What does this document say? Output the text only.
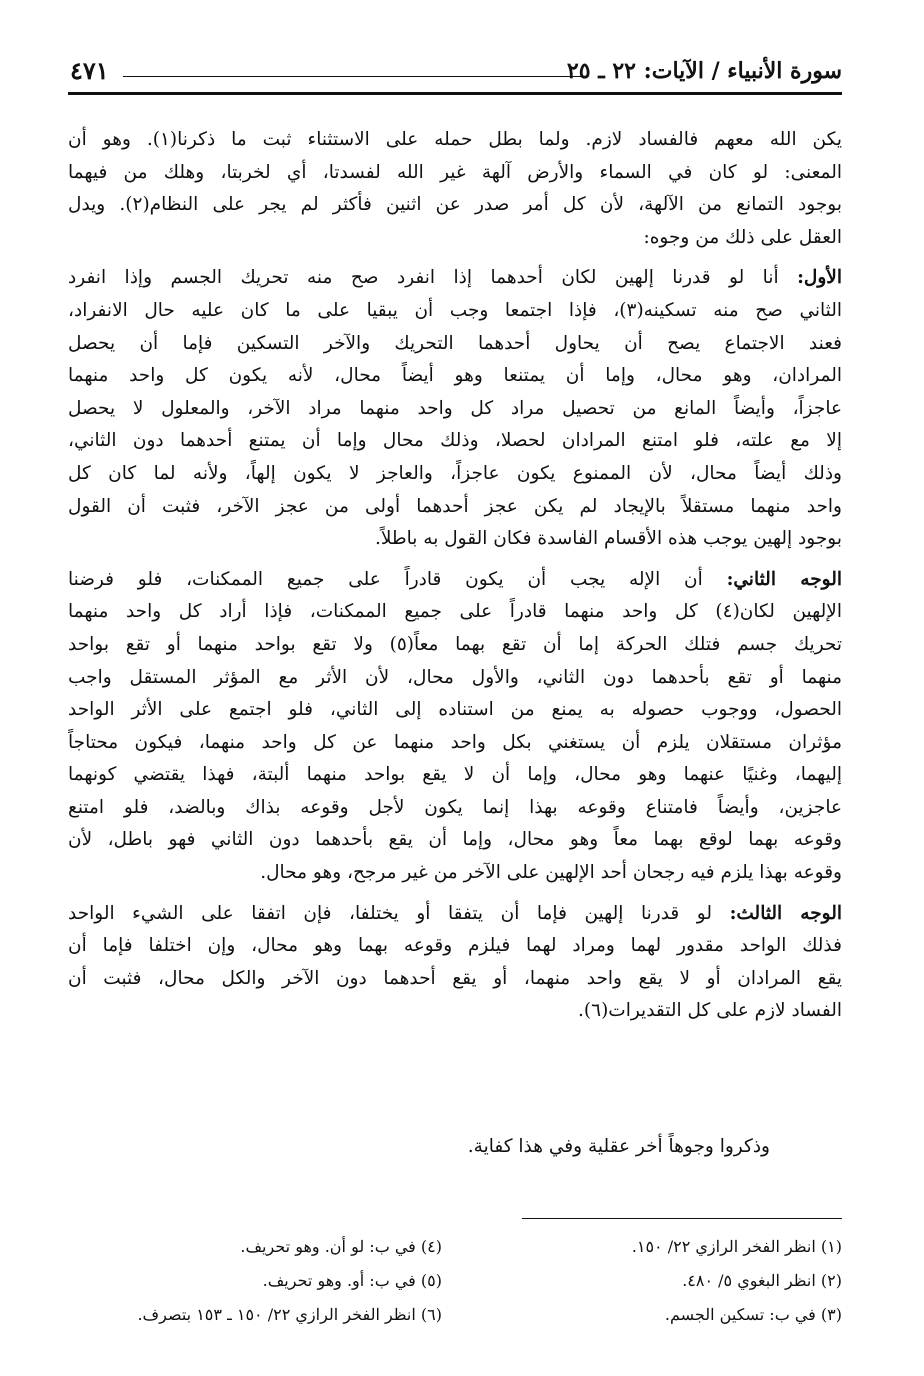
سورة الأنبياء / الآيات: ٢٢ ـ ٢٥
٤٧١
يكن الله معهم فالفساد لازم. ولما بطل حمله على الاستثناء ثبت ما ذكرنا(١). وهو أن
المعنى: لو كان في السماء والأرض آلهة غير الله لفسدتا، أي لخربتا، وهلك من فيهما
بوجود التمانع من الآلهة، لأن كل أمر صدر عن اثنين فأكثر لم يجر على النظام(٢). ويدل
العقل على ذلك من وجوه:
الأول: أنا لو قدرنا إلهين لكان أحدهما إذا انفرد صح منه تحريك الجسم وإذا انفرد
الثاني صح منه تسكينه(٣)، فإذا اجتمعا وجب أن يبقيا على ما كان عليه حال الانفراد،
فعند الاجتماع يصح أن يحاول أحدهما التحريك والآخر التسكين فإما أن يحصل
المرادان، وهو محال، وإما أن يمتنعا وهو أيضاً محال، لأنه يكون كل واحد منهما
عاجزاً، وأيضاً المانع من تحصيل مراد كل واحد منهما مراد الآخر، والمعلول لا يحصل
إلا مع علته، فلو امتنع المرادان لحصلا، وذلك محال وإما أن يمتنع أحدهما دون الثاني،
وذلك أيضاً محال، لأن الممنوع يكون عاجزاً، والعاجز لا يكون إلهاً، ولأنه لما كان كل
واحد منهما مستقلاً بالإيجاد لم يكن عجز أحدهما أولى من عجز الآخر، فثبت أن القول
بوجود إلهين يوجب هذه الأقسام الفاسدة فكان القول به باطلاً.
الوجه الثاني: أن الإله يجب أن يكون قادراً على جميع الممكنات، فلو فرضنا
الإلهين لكان(٤) كل واحد منهما قادراً على جميع الممكنات، فإذا أراد كل واحد منهما
تحريك جسم فتلك الحركة إما أن تقع بهما معاً(٥) ولا تقع بواحد منهما أو تقع بواحد
منهما أو تقع بأحدهما دون الثاني، والأول محال، لأن الأثر مع المؤثر المستقل واجب
الحصول، ووجوب حصوله به يمنع من استناده إلى الثاني، فلو اجتمع على الأثر الواحد
مؤثران مستقلان يلزم أن يستغني بكل واحد منهما عن كل واحد منهما، فيكون محتاجاً
إليهما، وغنيًا عنهما وهو محال، وإما أن لا يقع بواحد منهما ألبتة، فهذا يقتضي كونهما
عاجزين، وأيضاً فامتناع وقوعه بهذا إنما يكون لأجل وقوعه بذاك وبالضد، فلو امتنع
وقوعه بهما لوقع بهما معاً وهو محال، وإما أن يقع بأحدهما دون الثاني فهو باطل، لأن
وقوعه بهذا يلزم فيه رجحان أحد الإلهين على الآخر من غير مرجح، وهو محال.
الوجه الثالث: لو قدرنا إلهين فإما أن يتفقا أو يختلفا، فإن اتفقا على الشيء الواحد
فذلك الواحد مقدور لهما ومراد لهما فيلزم وقوعه بهما وهو محال، وإن اختلفا فإما أن
يقع المرادان أو لا يقع واحد منهما، أو يقع أحدهما دون الآخر والكل محال، فثبت أن
الفساد لازم على كل التقديرات(٦).
وذكروا وجوهاً أخر عقلية وفي هذا كفاية.
(١) انظر الفخر الرازي ٢٢/ ١٥٠.
(٢) انظر البغوي ٥/ ٤٨٠.
(٣) في ب: تسكين الجسم.
(٤) في ب: لو أن. وهو تحريف.
(٥) في ب: أو. وهو تحريف.
(٦) انظر الفخر الرازي ٢٢/ ١٥٠ ـ ١٥٣ بتصرف.
